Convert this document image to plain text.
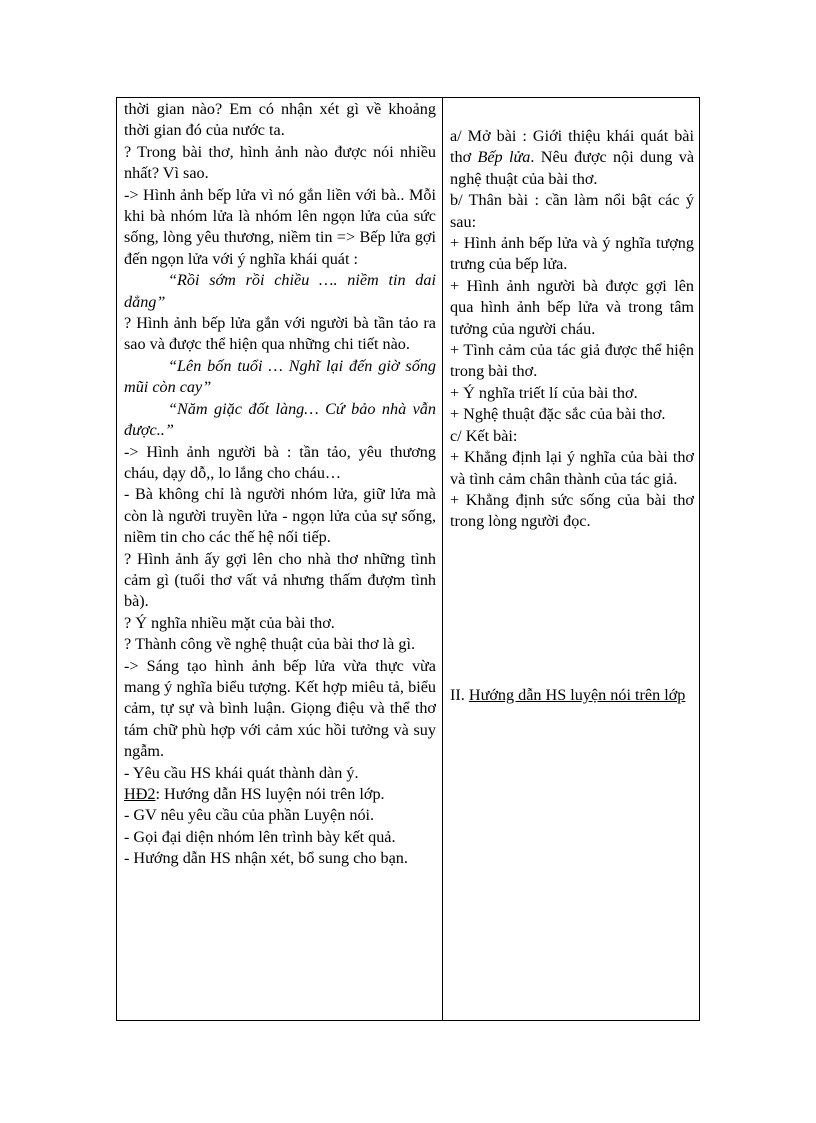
thời gian nào? Em có nhận xét gì về khoảng thời gian đó của nước ta.

? Trong bài thơ, hình ảnh nào được nói nhiều nhất? Vì sao.

-> Hình ảnh bếp lửa vì nó gắn liền với bà.. Mỗi khi bà nhóm lửa là nhóm lên ngọn lửa của sức sống, lòng yêu thương, niềm tin => Bếp lửa gợi đến ngọn lửa với ý nghĩa khái quát :

“Rồi sớm rồi chiều …. niềm tin dai dẳng”

? Hình ảnh bếp lửa gắn với người bà tần tảo ra sao và được thể hiện qua những chi tiết nào.

“Lên bốn tuổi … Nghĩ lại đến giờ sống mũi còn cay”

“Năm giặc đốt làng… Cứ bảo nhà vẫn được..”

-> Hình ảnh người bà : tần tảo, yêu thương cháu, dạy dỗ,, lo lắng cho cháu…

- Bà không chỉ là người nhóm lửa, giữ lửa mà còn là người truyền lửa - ngọn lửa của sự sống, niềm tin cho các thế hệ nối tiếp.

? Hình ảnh ấy gợi lên cho nhà thơ những tình cảm gì (tuổi thơ vất vả nhưng thấm đượm tình bà).

? Ý nghĩa nhiều mặt của bài thơ.

? Thành công về nghệ thuật của bài thơ là gì.

-> Sáng tạo hình ảnh bếp lửa vừa thực vừa mang ý nghĩa biểu tượng. Kết hợp miêu tả, biểu cảm, tự sự và bình luận. Giọng điệu và thể thơ tám chữ phù hợp với cảm xúc hồi tưởng và suy ngẫm.

- Yêu cầu HS khái quát thành dàn ý.

HĐ2: Hướng dẫn HS luyện nói trên lớp.

- GV nêu yêu cầu của phần Luyện nói.

- Gọi đại diện nhóm lên trình bày kết quả.

- Hướng dẫn HS nhận xét, bổ sung cho bạn.

a/ Mở bài : Giới thiệu khái quát bài thơ Bếp lửa. Nêu được nội dung và nghệ thuật của bài thơ.

b/ Thân bài : cần làm nổi bật các ý sau:

+ Hình ảnh bếp lửa và ý nghĩa tượng trưng của bếp lửa.

+ Hình ảnh người bà được gợi lên qua hình ảnh bếp lửa và trong tâm tưởng của người cháu.

+ Tình cảm của tác giả được thể hiện trong bài thơ.

+ Ý nghĩa triết lí của bài thơ.

+ Nghệ thuật đặc sắc của bài thơ.

c/ Kết bài:

+ Khẳng định lại ý nghĩa của bài thơ và tình cảm chân thành của tác giả.

+ Khẳng định sức sống của bài thơ trong lòng người đọc.

II. Hướng dẫn HS luyện nói trên lớp
